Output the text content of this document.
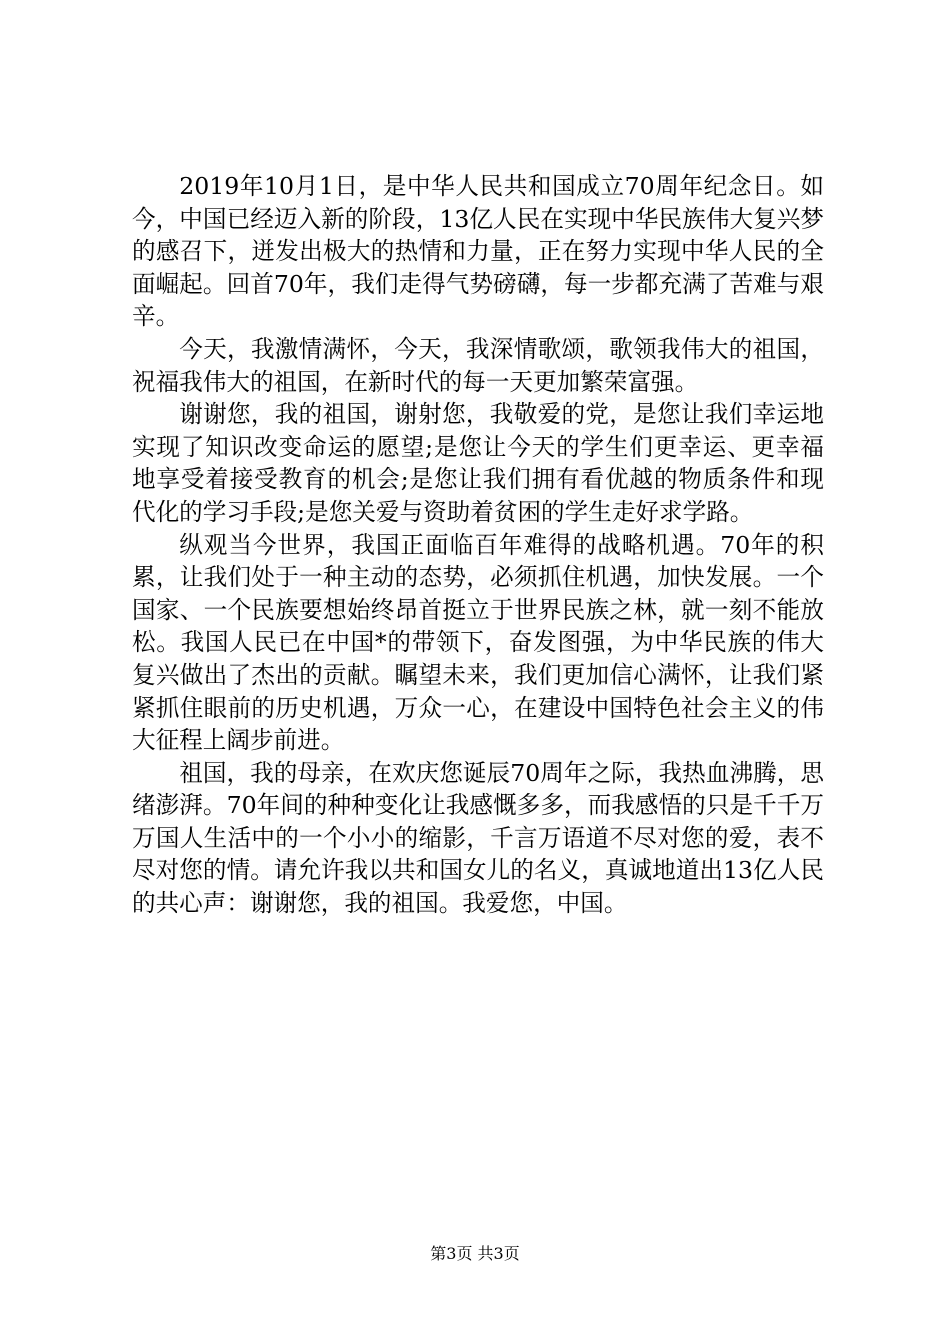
2019年10月1日，是中华人民共和国成立70周年纪念日。如今，中国已经迈入新的阶段，13亿人民在实现中华民族伟大复兴梦的感召下，迸发出极大的热情和力量，正在努力实现中华人民的全面崛起。回首70年，我们走得气势磅礴，每一步都充满了苦难与艰辛。

今天，我激情满怀，今天，我深情歌颂，歌领我伟大的祖国，祝福我伟大的祖国，在新时代的每一天更加繁荣富强。

谢谢您，我的祖国，谢射您，我敬爱的党，是您让我们幸运地实现了知识改变命运的愿望;是您让今天的学生们更幸运、更幸福地享受着接受教育的机会;是您让我们拥有看优越的物质条件和现代化的学习手段;是您关爱与资助着贫困的学生走好求学路。

纵观当今世界，我国正面临百年难得的战略机遇。70年的积累，让我们处于一种主动的态势，必须抓住机遇，加快发展。一个国家、一个民族要想始终昂首挺立于世界民族之林，就一刻不能放松。我国人民已在中国*的带领下，奋发图强，为中华民族的伟大复兴做出了杰出的贡献。瞩望未来，我们更加信心满怀，让我们紧紧抓住眼前的历史机遇，万众一心，在建设中国特色社会主义的伟大征程上阔步前进。

祖国，我的母亲，在欢庆您诞辰70周年之际，我热血沸腾，思绪澎湃。70年间的种种变化让我感慨多多，而我感悟的只是千千万万国人生活中的一个小小的缩影，千言万语道不尽对您的爱，表不尽对您的情。请允许我以共和国女儿的名义，真诚地道出13亿人民的共心声：谢谢您，我的祖国。我爱您，中国。

第3页 共3页
